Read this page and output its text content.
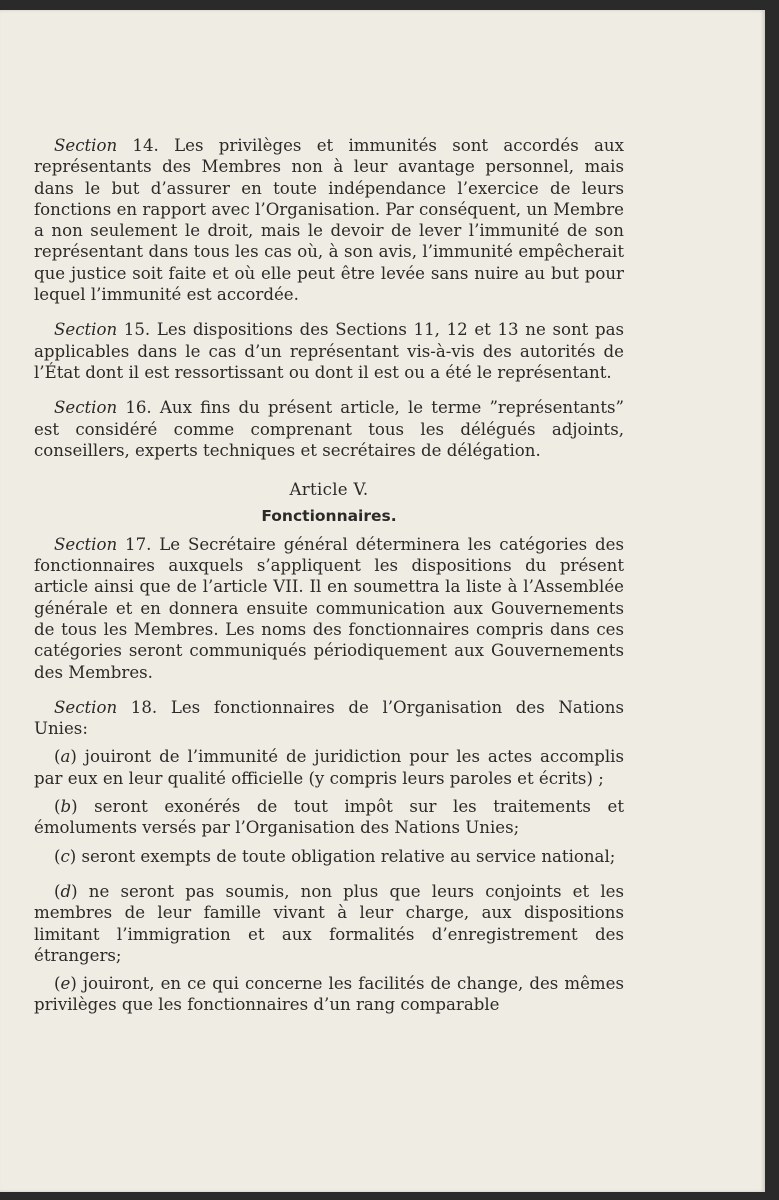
Section 14. Les privilèges et immunités sont accordés aux représentants des Membres non à leur avantage personnel, mais dans le but d’assurer en toute indépendance l’exercice de leurs fonctions en rapport avec l’Organisation. Par conséquent, un Membre a non seulement le droit, mais le devoir de lever l’immunité de son représentant dans tous les cas où, à son avis, l’immunité empêcherait que justice soit faite et où elle peut être levée sans nuire au but pour lequel l’immunité est accordée.

Section 15. Les dispositions des Sections 11, 12 et 13 ne sont pas applicables dans le cas d’un représentant vis-à-vis des autorités de l’État dont il est ressortissant ou dont il est ou a été le représentant.

Section 16. Aux fins du présent article, le terme ”représentants” est considéré comme comprenant tous les délégués adjoints, conseillers, experts techniques et secrétaires de délégation.

Article V.
Fonctionnaires.

Section 17. Le Secrétaire général déterminera les catégories des fonctionnaires auxquels s’appliquent les dispositions du présent article ainsi que de l’article VII. Il en soumettra la liste à l’Assemblée générale et en donnera ensuite communication aux Gouvernements de tous les Membres. Les noms des fonctionnaires compris dans ces catégories seront communiqués périodiquement aux Gouvernements des Membres.

Section 18. Les fonctionnaires de l’Organisation des Nations Unies:

(a) jouiront de l’immunité de juridiction pour les actes accomplis par eux en leur qualité officielle (y compris leurs paroles et écrits) ;

(b) seront exonérés de tout impôt sur les traitements et émoluments versés par l’Organisation des Nations Unies;

(c) seront exempts de toute obligation relative au service national;

(d) ne seront pas soumis, non plus que leurs conjoints et les membres de leur famille vivant à leur charge, aux dispositions limitant l’immigration et aux formalités d’enregistrement des étrangers;

(e) jouiront, en ce qui concerne les facilités de change, des mêmes privilèges que les fonctionnaires d’un rang comparable
